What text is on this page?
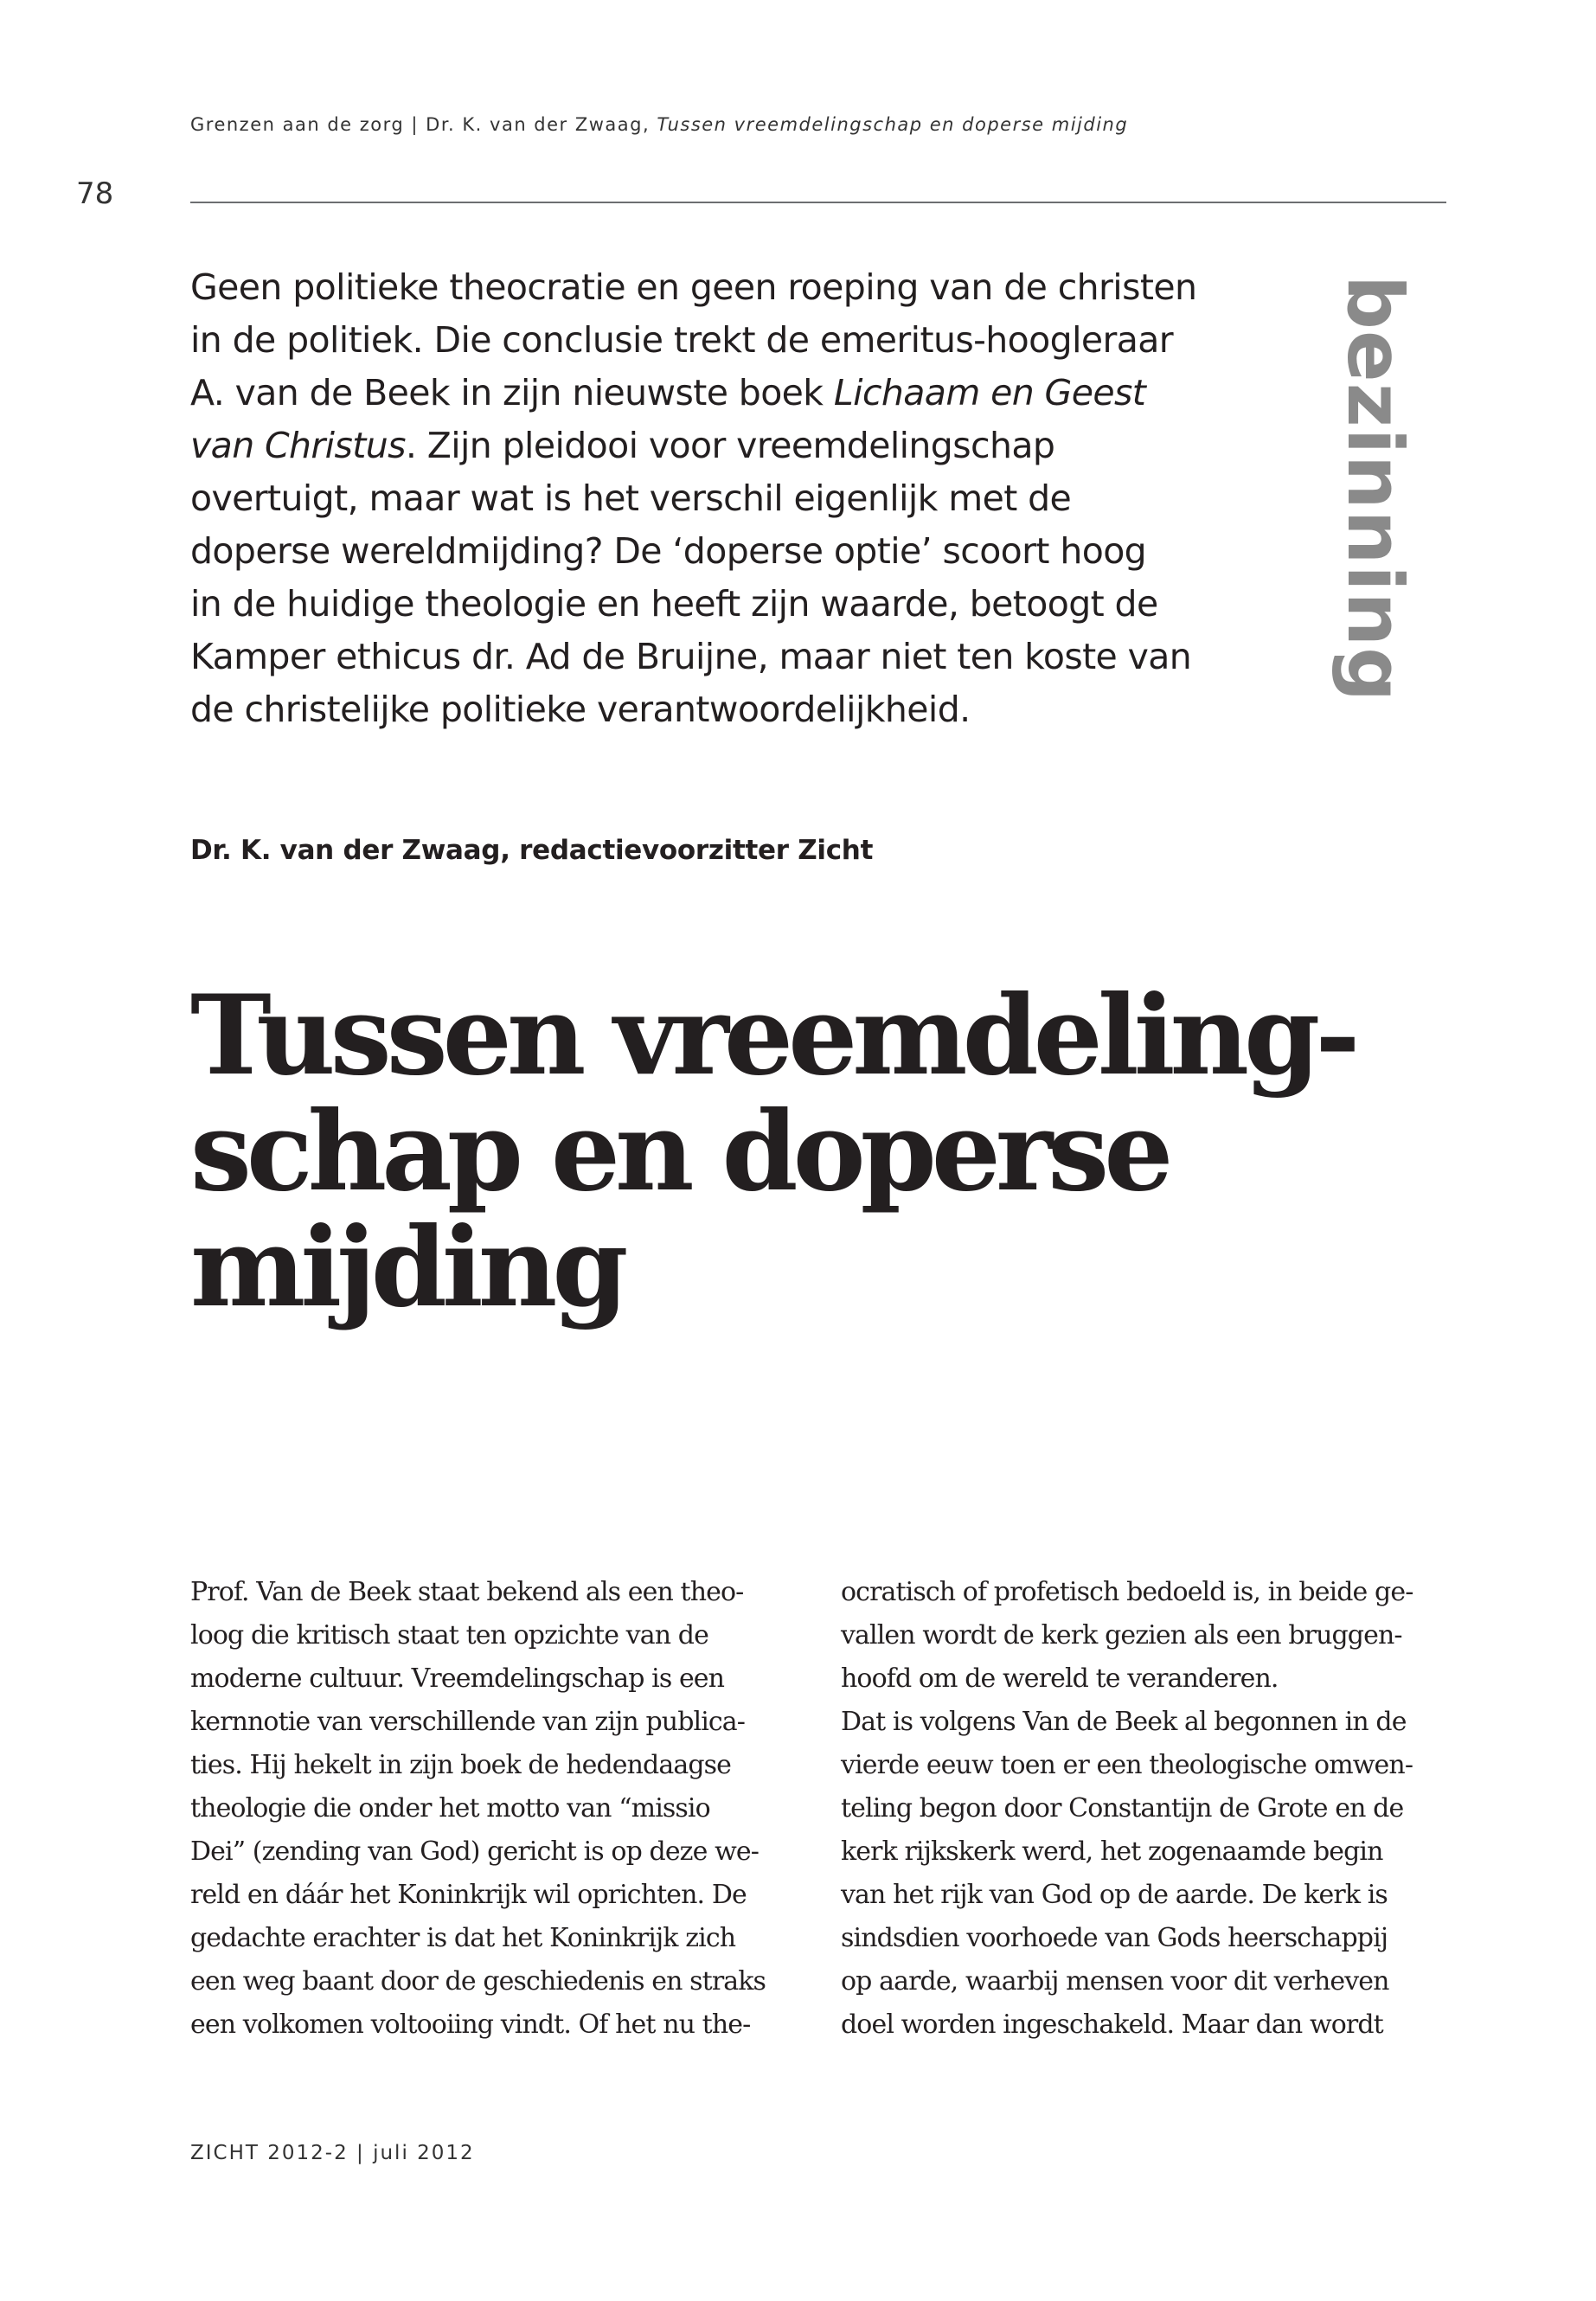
Grenzen aan de zorg | Dr. K. van der Zwaag, Tussen vreemdelingschap en doperse mijding
78
bezinning
Geen politieke theocratie en geen roeping van de christen
in de politiek. Die conclusie trekt de emeritus-hoogleraar
A. van de Beek in zijn nieuwste boek Lichaam en Geest
van Christus. Zijn pleidooi voor vreemdelingschap
overtuigt, maar wat is het verschil eigenlijk met de
doperse wereldmijding? De ‘doperse optie’ scoort hoog
in de huidige theologie en heeft zijn waarde, betoogt de
Kamper ethicus dr. Ad de Bruijne, maar niet ten koste van
de christelijke politieke verantwoordelijkheid.
Dr. K. van der Zwaag, redactievoorzitter Zicht
Tussen vreemdeling-
schap en doperse
mijding
Prof. Van de Beek staat bekend als een theo-
loog die kritisch staat ten opzichte van de
moderne cultuur. Vreemdelingschap is een
kernnotie van verschillende van zijn publica-
ties. Hij hekelt in zijn boek de hedendaagse
theologie die onder het motto van “missio
Dei” (zending van God) gericht is op deze we-
reld en dáár het Koninkrijk wil oprichten. De
gedachte erachter is dat het Koninkrijk zich
een weg baant door de geschiedenis en straks
een volkomen voltooiing vindt. Of het nu the-
ocratisch of profetisch bedoeld is, in beide ge-
vallen wordt de kerk gezien als een bruggen-
hoofd om de wereld te veranderen.
Dat is volgens Van de Beek al begonnen in de
vierde eeuw toen er een theologische omwen-
teling begon door Constantijn de Grote en de
kerk rijkskerk werd, het zogenaamde begin
van het rijk van God op de aarde. De kerk is
sindsdien voorhoede van Gods heerschappij
op aarde, waarbij mensen voor dit verheven
doel worden ingeschakeld. Maar dan wordt
ZICHT 2012-2 | juli 2012
